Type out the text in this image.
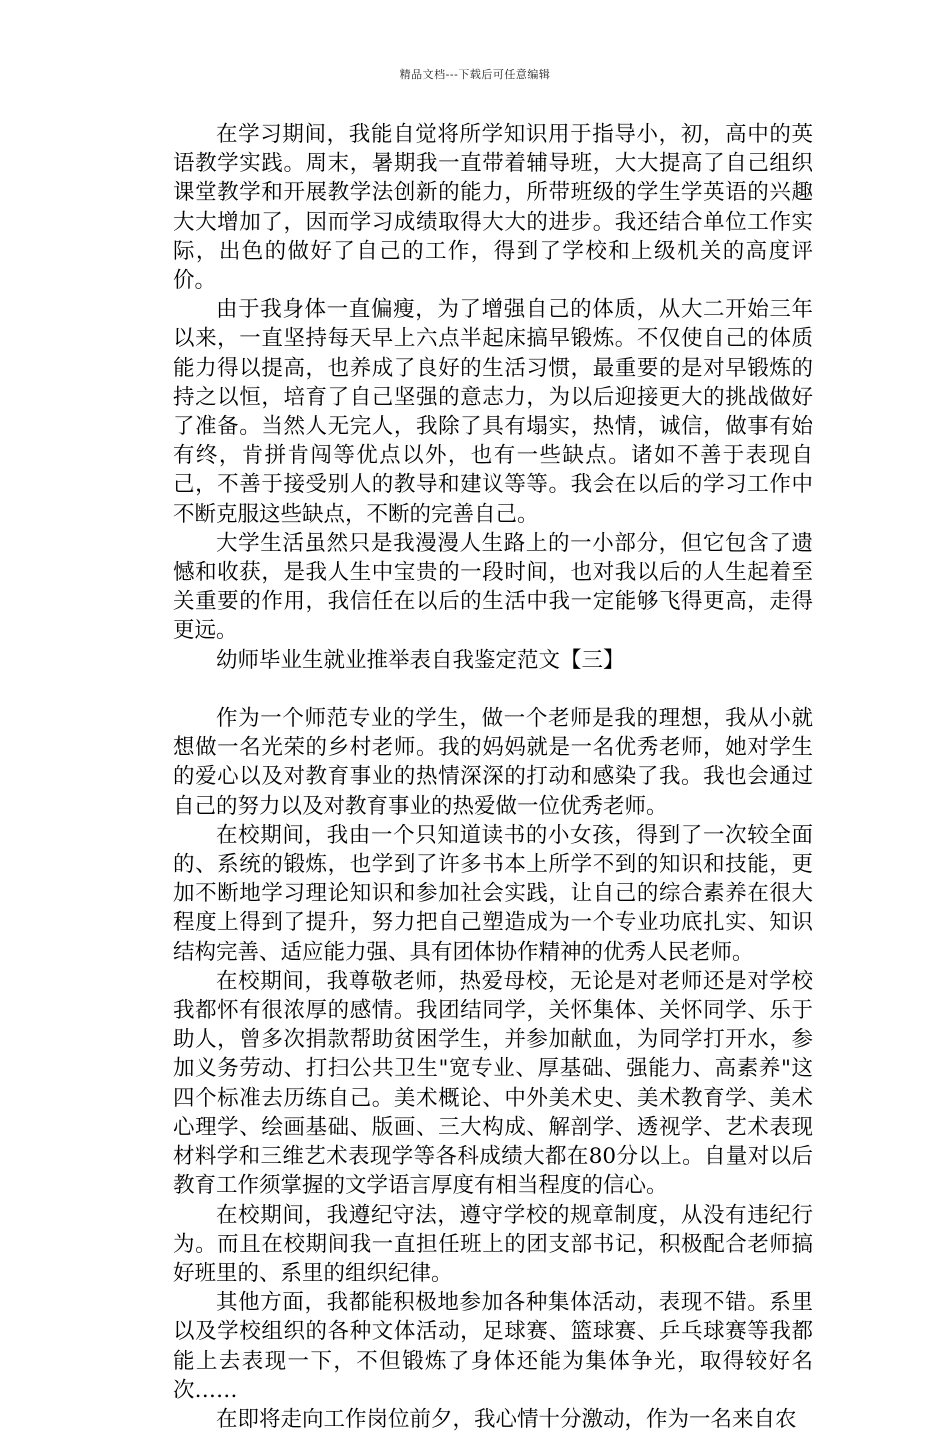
精品文档---下载后可任意编辑

在学习期间，我能自觉将所学知识用于指导小，初，高中的英语教学实践。周末，暑期我一直带着辅导班，大大提高了自己组织课堂教学和开展教学法创新的能力，所带班级的学生学英语的兴趣大大增加了，因而学习成绩取得大大的进步。我还结合单位工作实际，出色的做好了自己的工作，得到了学校和上级机关的高度评价。

由于我身体一直偏瘦，为了增强自己的体质，从大二开始三年以来，一直坚持每天早上六点半起床搞早锻炼。不仅使自己的体质能力得以提高，也养成了良好的生活习惯，最重要的是对早锻炼的持之以恒，培育了自己坚强的意志力，为以后迎接更大的挑战做好了准备。当然人无完人，我除了具有塌实，热情，诚信，做事有始有终，肯拼肯闯等优点以外，也有一些缺点。诸如不善于表现自己，不善于接受别人的教导和建议等等。我会在以后的学习工作中不断克服这些缺点，不断的完善自己。

大学生活虽然只是我漫漫人生路上的一小部分，但它包含了遗憾和收获，是我人生中宝贵的一段时间，也对我以后的人生起着至关重要的作用，我信任在以后的生活中我一定能够飞得更高，走得更远。

幼师毕业生就业推举表自我鉴定范文【三】

作为一个师范专业的学生，做一个老师是我的理想，我从小就想做一名光荣的乡村老师。我的妈妈就是一名优秀老师，她对学生的爱心以及对教育事业的热情深深的打动和感染了我。我也会通过自己的努力以及对教育事业的热爱做一位优秀老师。

在校期间，我由一个只知道读书的小女孩，得到了一次较全面的、系统的锻炼，也学到了许多书本上所学不到的知识和技能，更加不断地学习理论知识和参加社会实践，让自己的综合素养在很大程度上得到了提升，努力把自己塑造成为一个专业功底扎实、知识结构完善、适应能力强、具有团体协作精神的优秀人民老师。

在校期间，我尊敬老师，热爱母校，无论是对老师还是对学校我都怀有很浓厚的感情。我团结同学，关怀集体、关怀同学、乐于助人，曾多次捐款帮助贫困学生，并参加献血，为同学打开水，参加义务劳动、打扫公共卫生"宽专业、厚基础、强能力、高素养"这四个标准去历练自己。美术概论、中外美术史、美术教育学、美术心理学、绘画基础、版画、三大构成、解剖学、透视学、艺术表现材料学和三维艺术表现学等各科成绩大都在80分以上。自量对以后教育工作须掌握的文学语言厚度有相当程度的信心。

在校期间，我遵纪守法，遵守学校的规章制度，从没有违纪行为。而且在校期间我一直担任班上的团支部书记，积极配合老师搞好班里的、系里的组织纪律。

其他方面，我都能积极地参加各种集体活动，表现不错。系里以及学校组织的各种文体活动，足球赛、篮球赛、乒乓球赛等我都能上去表现一下，不但锻炼了身体还能为集体争光，取得较好名次……

在即将走向工作岗位前夕，我心情十分激动，作为一名来自农
